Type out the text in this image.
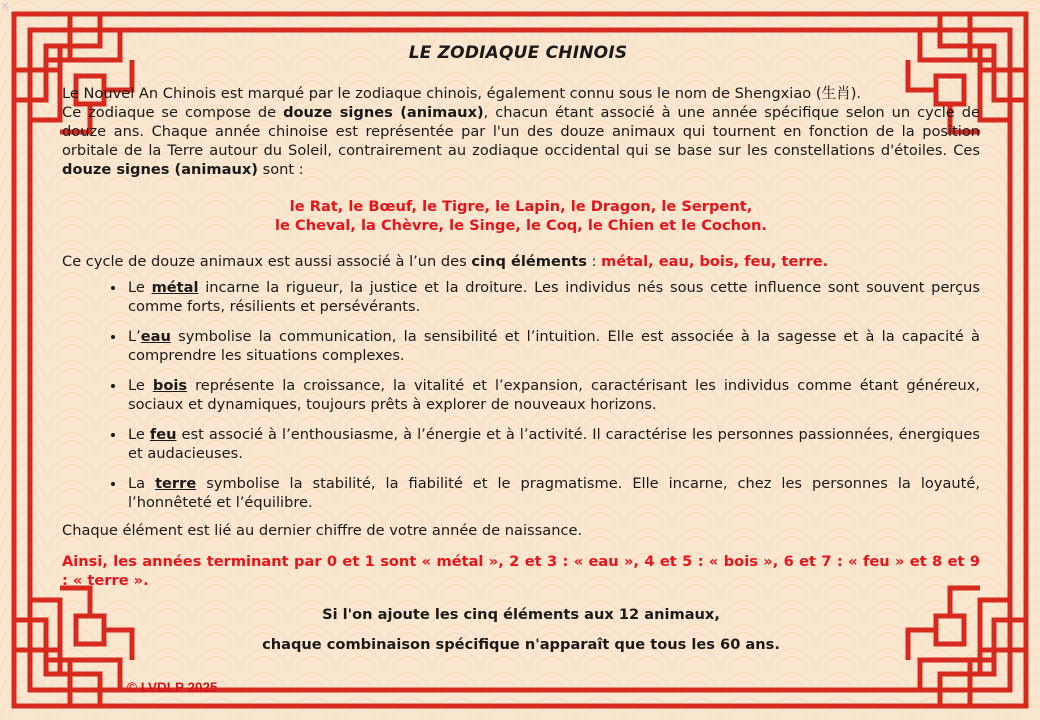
✕
LE ZODIAQUE CHINOIS

Le Nouvel An Chinois est marqué par le zodiaque chinois, également connu sous le nom de Shengxiao (生肖).
Ce zodiaque se compose de douze signes (animaux), chacun étant associé à une année spécifique selon un cycle de douze ans. Chaque année chinoise est représentée par l'un des douze animaux qui tournent en fonction de la position orbitale de la Terre autour du Soleil, contrairement au zodiaque occidental qui se base sur les constellations d'étoiles. Ces douze signes (animaux) sont :

le Rat, le Bœuf, le Tigre, le Lapin, le Dragon, le Serpent,
le Cheval, la Chèvre, le Singe, le Coq, le Chien et le Cochon.

Ce cycle de douze animaux est aussi associé à l’un des cinq éléments : métal, eau, bois, feu, terre.

• Le métal incarne la rigueur, la justice et la droiture. Les individus nés sous cette influence sont souvent perçus comme forts, résilients et persévérants.
• L’eau symbolise la communication, la sensibilité et l’intuition. Elle est associée à la sagesse et à la capacité à comprendre les situations complexes.
• Le bois représente la croissance, la vitalité et l’expansion, caractérisant les individus comme étant généreux, sociaux et dynamiques, toujours prêts à explorer de nouveaux horizons.
• Le feu est associé à l’enthousiasme, à l’énergie et à l’activité. Il caractérise les personnes passionnées, énergiques et audacieuses.
• La terre symbolise la stabilité, la fiabilité et le pragmatisme. Elle incarne, chez les personnes la loyauté, l’honnêteté et l’équilibre.

Chaque élément est lié au dernier chiffre de votre année de naissance.

Ainsi, les années terminant par 0 et 1 sont « métal », 2 et 3 : « eau », 4 et 5 : « bois », 6 et 7 : « feu » et 8 et 9 : « terre ».

Si l'on ajoute les cinq éléments aux 12 animaux,
chaque combinaison spécifique n'apparaît que tous les 60 ans.
© LVDLP 2025
